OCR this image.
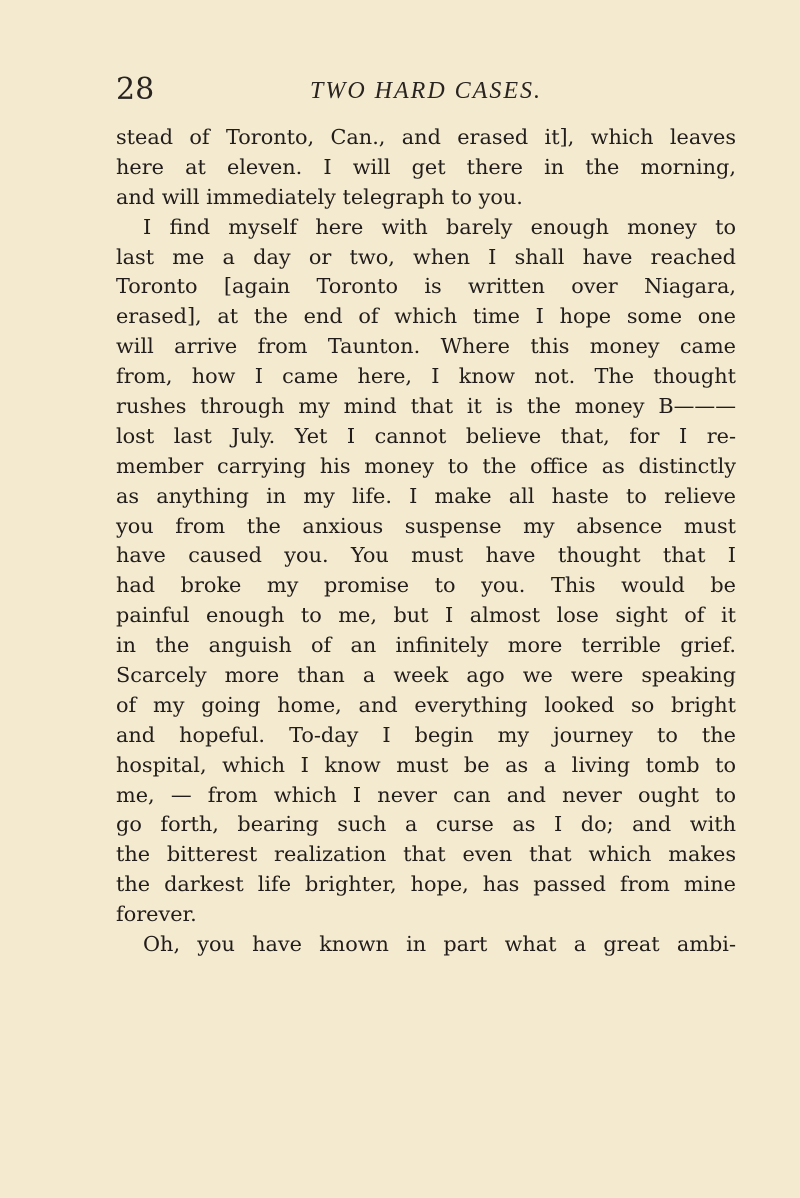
28	TWO HARD CASES.
stead of Toronto, Can., and erased it], which leaves
here at eleven. I will get there in the morning,
and will immediately telegraph to you.
I find myself here with barely enough money to
last me a day or two, when I shall have reached
Toronto [again Toronto is written over Niagara,
erased], at the end of which time I hope some one
will arrive from Taunton. Where this money came
from, how I came here, I know not. The thought
rushes through my mind that it is the money B———
lost last July. Yet I cannot believe that, for I re-
member carrying his money to the office as distinctly
as anything in my life. I make all haste to relieve
you from the anxious suspense my absence must
have caused you. You must have thought that I
had broke my promise to you. This would be
painful enough to me, but I almost lose sight of it
in the anguish of an infinitely more terrible grief.
Scarcely more than a week ago we were speaking
of my going home, and everything looked so bright
and hopeful. To-day I begin my journey to the
hospital, which I know must be as a living tomb to
me, — from which I never can and never ought to
go forth, bearing such a curse as I do; and with
the bitterest realization that even that which makes
the darkest life brighter, hope, has passed from mine
forever.
Oh, you have known in part what a great ambi-
